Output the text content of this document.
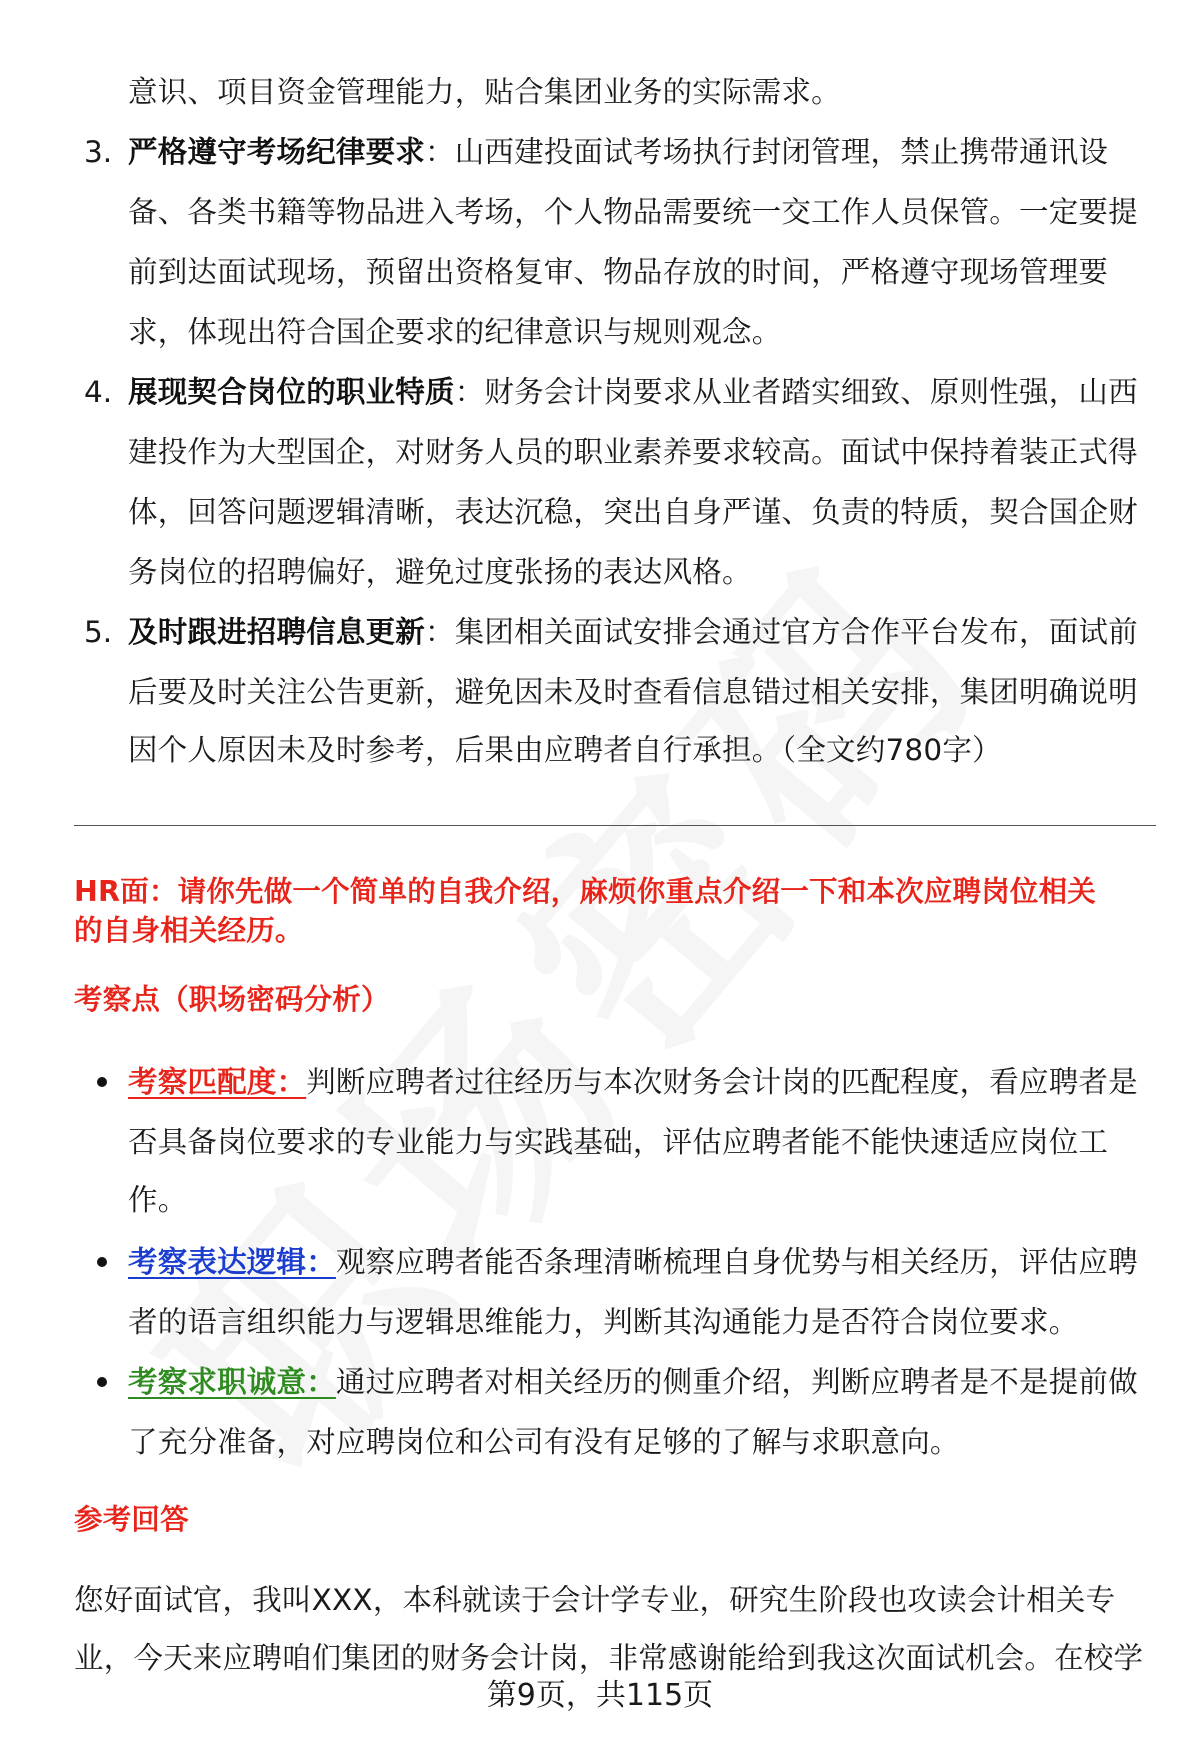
意识、项目资金管理能力，贴合集团业务的实际需求。
3. 严格遵守考场纪律要求：山西建投面试考场执行封闭管理，禁止携带通讯设
备、各类书籍等物品进入考场，个人物品需要统一交工作人员保管。一定要提
前到达面试现场，预留出资格复审、物品存放的时间，严格遵守现场管理要
求，体现出符合国企要求的纪律意识与规则观念。
4. 展现契合岗位的职业特质：财务会计岗要求从业者踏实细致、原则性强，山西
建投作为大型国企，对财务人员的职业素养要求较高。面试中保持着装正式得
体，回答问题逻辑清晰，表达沉稳，突出自身严谨、负责的特质，契合国企财
务岗位的招聘偏好，避免过度张扬的表达风格。
5. 及时跟进招聘信息更新：集团相关面试安排会通过官方合作平台发布，面试前
后要及时关注公告更新，避免因未及时查看信息错过相关安排，集团明确说明
因个人原因未及时参考，后果由应聘者自行承担。（全文约780字）
HR面：请你先做一个简单的自我介绍，麻烦你重点介绍一下和本次应聘岗位相关
的自身相关经历。
考察点（职场密码分析）
考察匹配度：判断应聘者过往经历与本次财务会计岗的匹配程度，看应聘者是
否具备岗位要求的专业能力与实践基础，评估应聘者能不能快速适应岗位工
作。
考察表达逻辑：观察应聘者能否条理清晰梳理自身优势与相关经历，评估应聘
者的语言组织能力与逻辑思维能力，判断其沟通能力是否符合岗位要求。
考察求职诚意：通过应聘者对相关经历的侧重介绍，判断应聘者是不是提前做
了充分准备，对应聘岗位和公司有没有足够的了解与求职意向。
参考回答
您好面试官，我叫XXX，本科就读于会计学专业，研究生阶段也攻读会计相关专
业，今天来应聘咱们集团的财务会计岗，非常感谢能给到我这次面试机会。在校学
第9页，共115页
